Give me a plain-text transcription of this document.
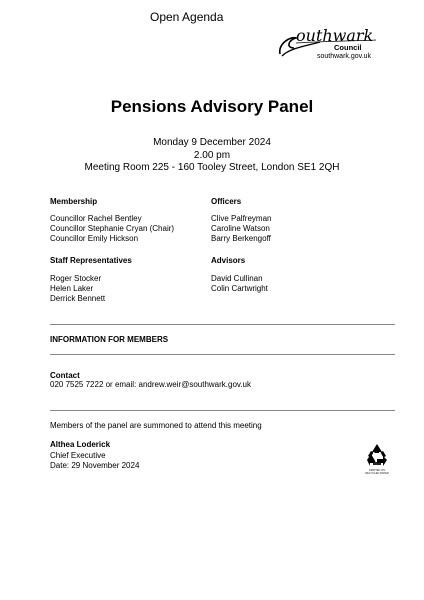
Open Agenda
outhwark
Council
southwark.gov.uk
Pensions Advisory Panel
Monday 9 December 2024
2.00 pm
Meeting Room 225 - 160 Tooley Street, London SE1 2QH
Membership
Councillor Rachel Bentley
Councillor Stephanie Cryan (Chair)
Councillor Emily Hickson
Officers
Clive Palfreyman
Caroline Watson
Barry Berkengoff
Staff Representatives
Roger Stocker
Helen Laker
Derrick Bennett
Advisors
David Cullinan
Colin Cartwright
INFORMATION FOR MEMBERS
Contact
020 7525 7222 or email: andrew.weir@southwark.gov.uk
Members of the panel are summoned to attend this meeting
Althea Loderick
Chief Executive
Date: 29 November 2024
PRINTED ON RECYCLED PAPER
